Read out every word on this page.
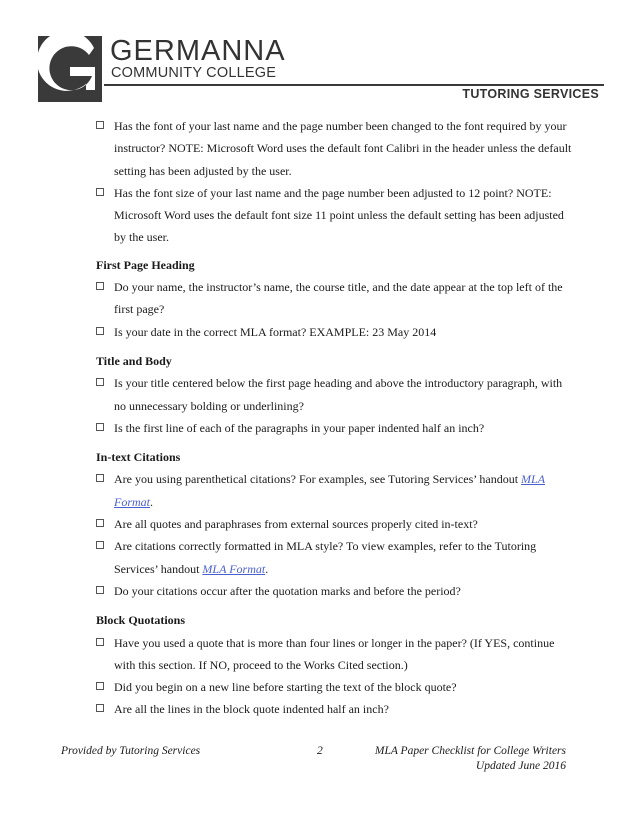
GERMANNA
COMMUNITY COLLEGE
TUTORING SERVICES

Has the font of your last name and the page number been changed to the font required by your instructor? NOTE: Microsoft Word uses the default font Calibri in the header unless the default setting has been adjusted by the user.

Has the font size of your last name and the page number been adjusted to 12 point? NOTE: Microsoft Word uses the default font size 11 point unless the default setting has been adjusted by the user.

First Page Heading

Do your name, the instructor’s name, the course title, and the date appear at the top left of the first page?

Is your date in the correct MLA format? EXAMPLE: 23 May 2014

Title and Body

Is your title centered below the first page heading and above the introductory paragraph, with no unnecessary bolding or underlining?

Is the first line of each of the paragraphs in your paper indented half an inch?

In-text Citations

Are you using parenthetical citations? For examples, see Tutoring Services’ handout MLA Format.

Are all quotes and paraphrases from external sources properly cited in-text?

Are citations correctly formatted in MLA style? To view examples, refer to the Tutoring Services’ handout MLA Format.

Do your citations occur after the quotation marks and before the period?

Block Quotations

Have you used a quote that is more than four lines or longer in the paper? (If YES, continue with this section. If NO, proceed to the Works Cited section.)

Did you begin on a new line before starting the text of the block quote?

Are all the lines in the block quote indented half an inch?

Provided by Tutoring Services	2	MLA Paper Checklist for College Writers
Updated June 2016
